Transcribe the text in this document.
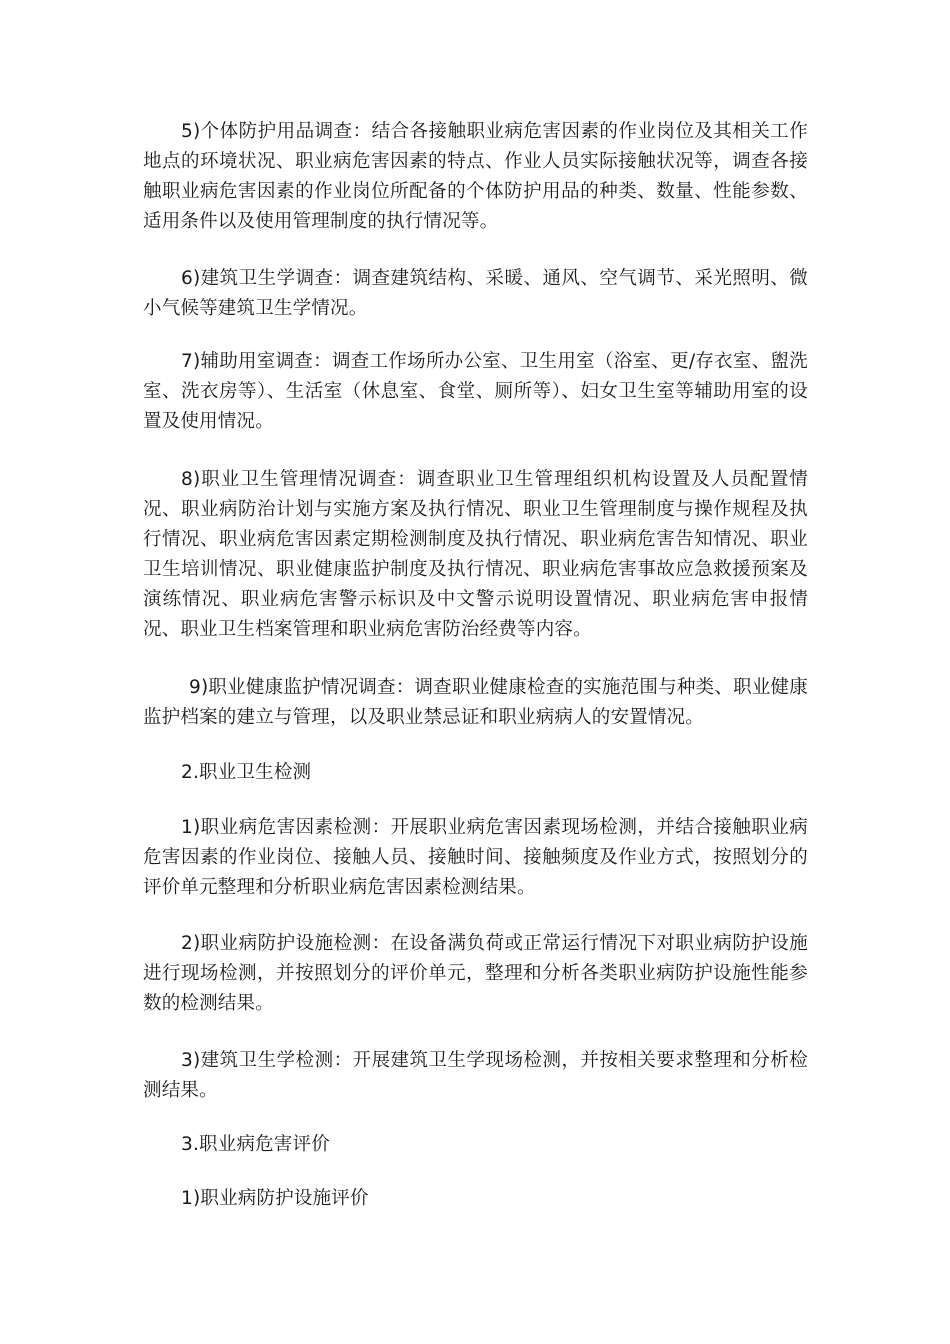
5)个体防护用品调查：结合各接触职业病危害因素的作业岗位及其相关工作地点的环境状况、职业病危害因素的特点、作业人员实际接触状况等，调查各接触职业病危害因素的作业岗位所配备的个体防护用品的种类、数量、性能参数、适用条件以及使用管理制度的执行情况等。

6)建筑卫生学调查：调查建筑结构、采暖、通风、空气调节、采光照明、微小气候等建筑卫生学情况。

7)辅助用室调查：调查工作场所办公室、卫生用室（浴室、更/存衣室、盥洗室、洗衣房等）、生活室（休息室、食堂、厕所等）、妇女卫生室等辅助用室的设置及使用情况。

8)职业卫生管理情况调查：调查职业卫生管理组织机构设置及人员配置情况、职业病防治计划与实施方案及执行情况、职业卫生管理制度与操作规程及执行情况、职业病危害因素定期检测制度及执行情况、职业病危害告知情况、职业卫生培训情况、职业健康监护制度及执行情况、职业病危害事故应急救援预案及演练情况、职业病危害警示标识及中文警示说明设置情况、职业病危害申报情况、职业卫生档案管理和职业病危害防治经费等内容。

9)职业健康监护情况调查：调查职业健康检查的实施范围与种类、职业健康监护档案的建立与管理，以及职业禁忌证和职业病病人的安置情况。

2.职业卫生检测

1)职业病危害因素检测：开展职业病危害因素现场检测，并结合接触职业病危害因素的作业岗位、接触人员、接触时间、接触频度及作业方式，按照划分的评价单元整理和分析职业病危害因素检测结果。

2)职业病防护设施检测：在设备满负荷或正常运行情况下对职业病防护设施进行现场检测，并按照划分的评价单元，整理和分析各类职业病防护设施性能参数的检测结果。

3)建筑卫生学检测：开展建筑卫生学现场检测，并按相关要求整理和分析检测结果。

3.职业病危害评价

1)职业病防护设施评价
